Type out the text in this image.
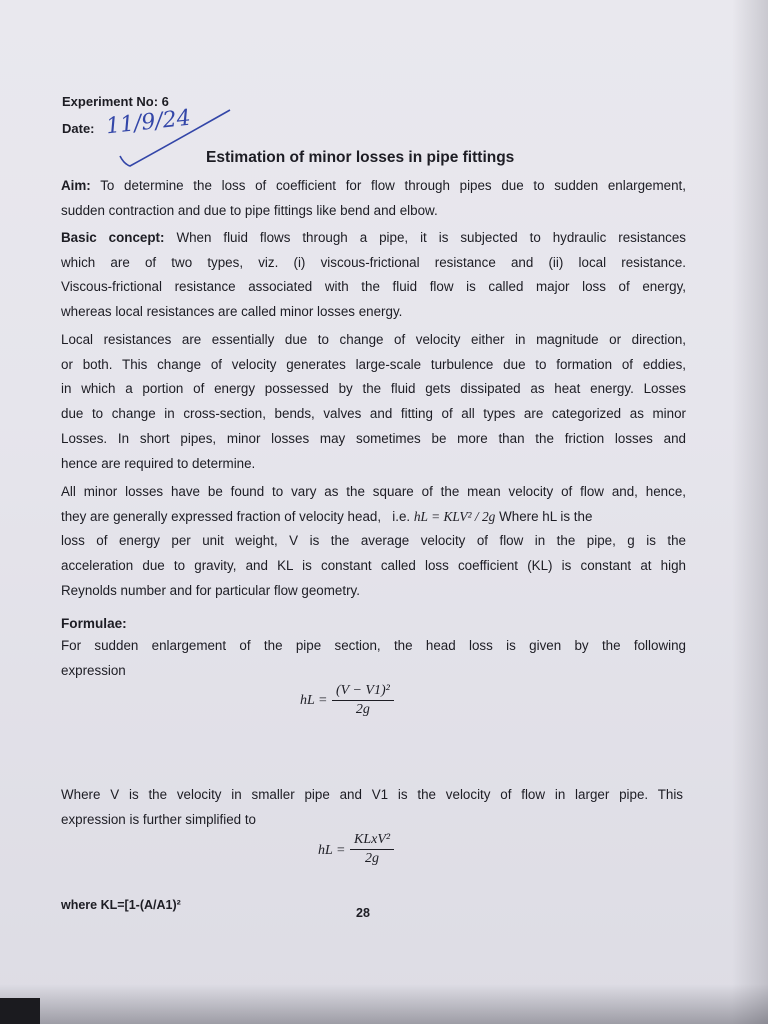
Experiment No: 6
Date: 11/9/24
Estimation of minor losses in pipe fittings
Aim: To determine the loss of coefficient for flow through pipes due to sudden enlargement,
sudden contraction and due to pipe fittings like bend and elbow.
Basic concept: When fluid flows through a pipe, it is subjected to hydraulic resistances
which are of two types, viz. (i) viscous-frictional resistance and (ii) local resistance.
Viscous-frictional resistance associated with the fluid flow is called major loss of energy,
whereas local resistances are called minor losses energy.
Local resistances are essentially due to change of velocity either in magnitude or direction,
or both. This change of velocity generates large-scale turbulence due to formation of eddies,
in which a portion of energy possessed by the fluid gets dissipated as heat energy. Losses
due to change in cross-section, bends, valves and fitting of all types are categorized as minor
Losses. In short pipes, minor losses may sometimes be more than the friction losses and
hence are required to determine.
All minor losses have be found to vary as the square of the mean velocity of flow and, hence,
they are generally expressed fraction of velocity head, i.e. hL = KLV² / 2g Where hL is the
loss of energy per unit weight, V is the average velocity of flow in the pipe, g is the
acceleration due to gravity, and KL is constant called loss coefficient (KL) is constant at high
Reynolds number and for particular flow geometry.
Formulae:
For sudden enlargement of the pipe section, the head loss is given by the following
expression
hL = $\frac{\text{(V − V1)²}}{2g}$
Where V is the velocity in smaller pipe and V1 is the velocity of flow in larger pipe. This
expression is further simplified to
hL =
KLxV²
2g
where KL=[1-(A/A1)²
28
